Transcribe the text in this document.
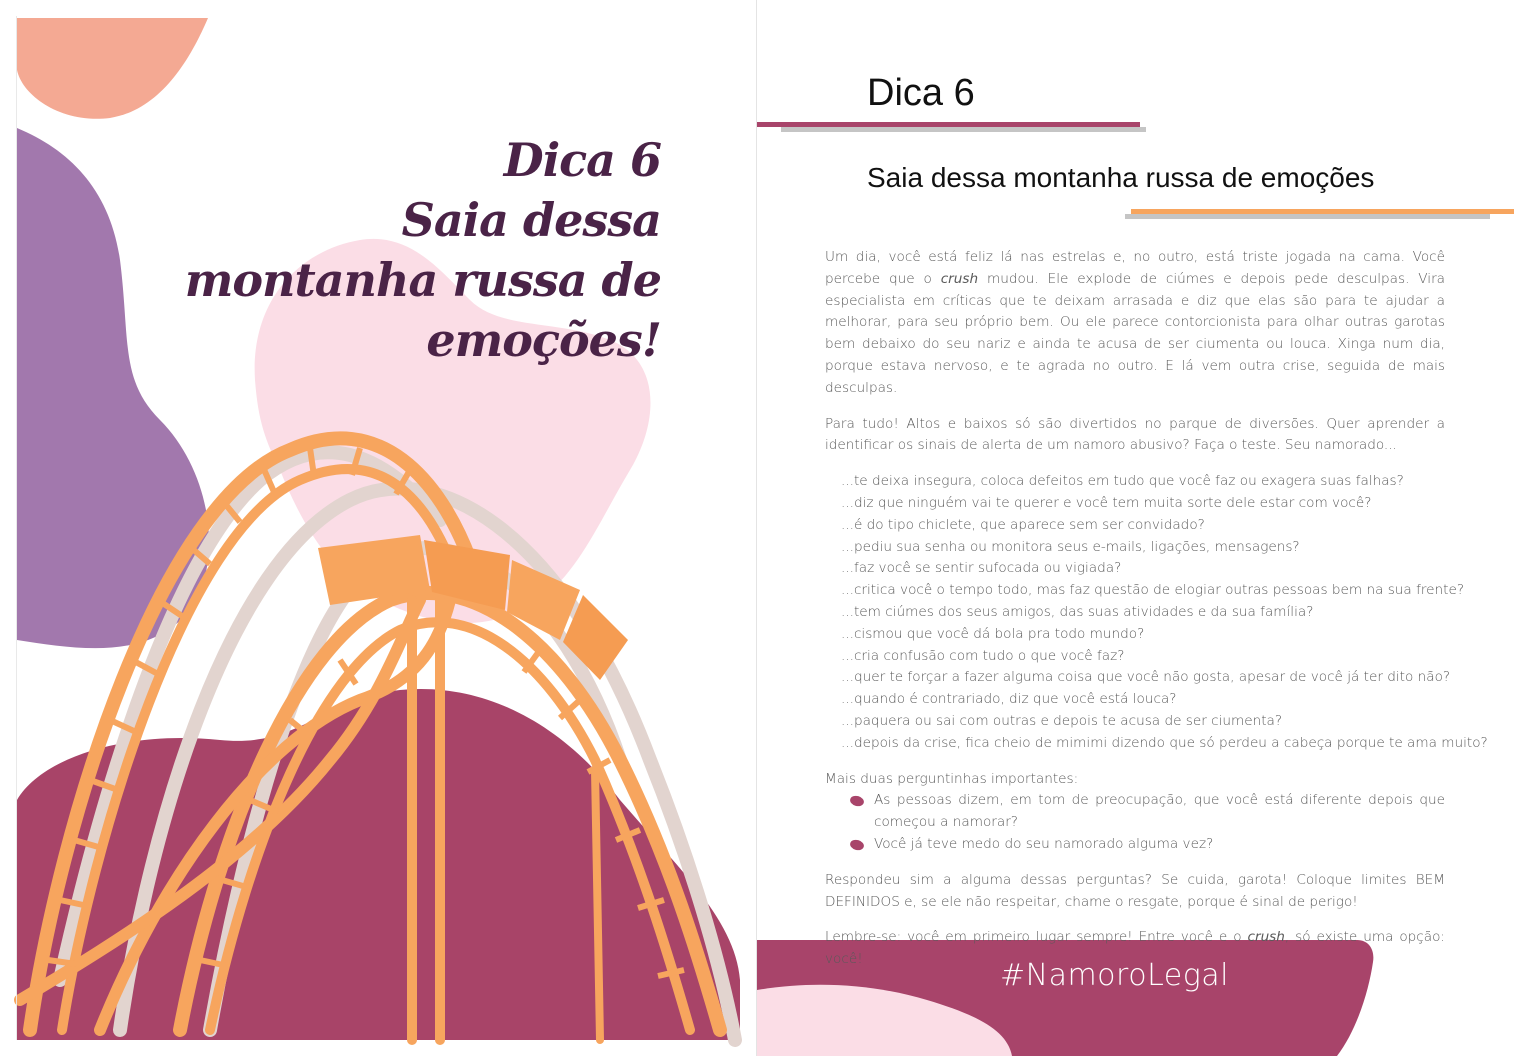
Dica 6
Saia dessa
montanha russa de emoções!
Dica 6
Saia dessa montanha russa de emoções

Um dia, você está feliz lá nas estrelas e, no outro, está triste jogada na cama. Você percebe que o crush mudou. Ele explode de ciúmes e depois pede desculpas. Vira especialista em críticas que te deixam arrasada e diz que elas são para te ajudar a melhorar, para seu próprio bem. Ou ele parece contorcionista para olhar outras garotas bem debaixo do seu nariz e ainda te acusa de ser ciumenta ou louca. Xinga num dia, porque estava nervoso, e te agrada no outro. E lá vem outra crise, seguida de mais desculpas.

Para tudo! Altos e baixos só são divertidos no parque de diversões. Quer aprender a identificar os sinais de alerta de um namoro abusivo? Faça o teste. Seu namorado...

...te deixa insegura, coloca defeitos em tudo que você faz ou exagera suas falhas?
...diz que ninguém vai te querer e você tem muita sorte dele estar com você?
...é do tipo chiclete, que aparece sem ser convidado?
...pediu sua senha ou monitora seus e-mails, ligações, mensagens?
...faz você se sentir sufocada ou vigiada?
...critica você o tempo todo, mas faz questão de elogiar outras pessoas bem na sua frente?
...tem ciúmes dos seus amigos, das suas atividades e da sua família?
...cismou que você dá bola pra todo mundo?
...cria confusão com tudo o que você faz?
...quer te forçar a fazer alguma coisa que você não gosta, apesar de você já ter dito não?
...quando é contrariado, diz que você está louca?
...paquera ou sai com outras e depois te acusa de ser ciumenta?
...depois da crise, fica cheio de mimimi dizendo que só perdeu a cabeça porque te ama muito?
Mais duas perguntinhas importantes:
As pessoas dizem, em tom de preocupação, que você está diferente depois que começou a namorar?
Você já teve medo do seu namorado alguma vez?

Respondeu sim a alguma dessas perguntas? Se cuida, garota! Coloque limites BEM DEFINIDOS e, se ele não respeitar, chame o resgate, porque é sinal de perigo!

Lembre-se: você em primeiro lugar sempre! Entre você e o crush, só existe uma opção: você!	#NamoroLegal
